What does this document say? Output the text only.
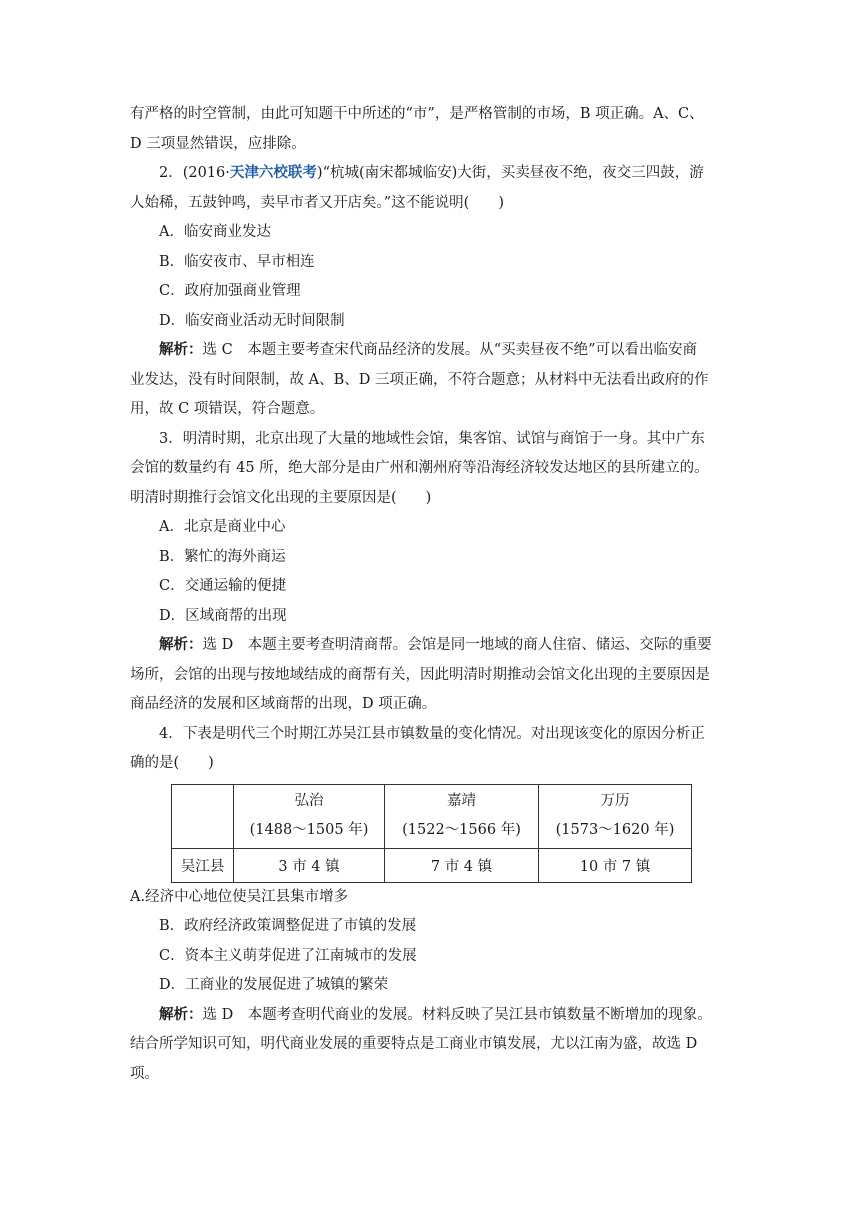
有严格的时空管制，由此可知题干中所述的“市”，是严格管制的市场，B 项正确。A、C、

D 三项显然错误，应排除。

2．(2016·天津六校联考)“杭城(南宋都城临安)大街，买卖昼夜不绝，夜交三四鼓，游

人始稀，五鼓钟鸣，卖早市者又开店矣。”这不能说明(　　)

A．临安商业发达

B．临安夜市、早市相连

C．政府加强商业管理

D．临安商业活动无时间限制

解析：选 C　本题主要考查宋代商品经济的发展。从“买卖昼夜不绝”可以看出临安商

业发达，没有时间限制，故 A、B、D 三项正确，不符合题意；从材料中无法看出政府的作

用，故 C 项错误，符合题意。

3．明清时期，北京出现了大量的地域性会馆，集客馆、试馆与商馆于一身。其中广东

会馆的数量约有 45 所，绝大部分是由广州和潮州府等沿海经济较发达地区的县所建立的。

明清时期推行会馆文化出现的主要原因是(　　)

A．北京是商业中心

B．繁忙的海外商运

C．交通运输的便捷

D．区域商帮的出现

解析：选 D　本题主要考查明清商帮。会馆是同一地域的商人住宿、储运、交际的重要

场所，会馆的出现与按地域结成的商帮有关，因此明清时期推动会馆文化出现的主要原因是

商品经济的发展和区域商帮的出现，D 项正确。

4．下表是明代三个时期江苏吴江县市镇数量的变化情况。对出现该变化的原因分析正

确的是(　　)

	弘治
(1488～1505 年)	嘉靖
(1522～1566 年)	万历
(1573～1620 年)

吴江县	3 市 4 镇	7 市 4 镇	10 市 7 镇

A.经济中心地位使吴江县集市增多

B．政府经济政策调整促进了市镇的发展

C．资本主义萌芽促进了江南城市的发展

D．工商业的发展促进了城镇的繁荣

解析：选 D　本题考查明代商业的发展。材料反映了吴江县市镇数量不断增加的现象。

结合所学知识可知，明代商业发展的重要特点是工商业市镇发展，尤以江南为盛，故选 D

项。
